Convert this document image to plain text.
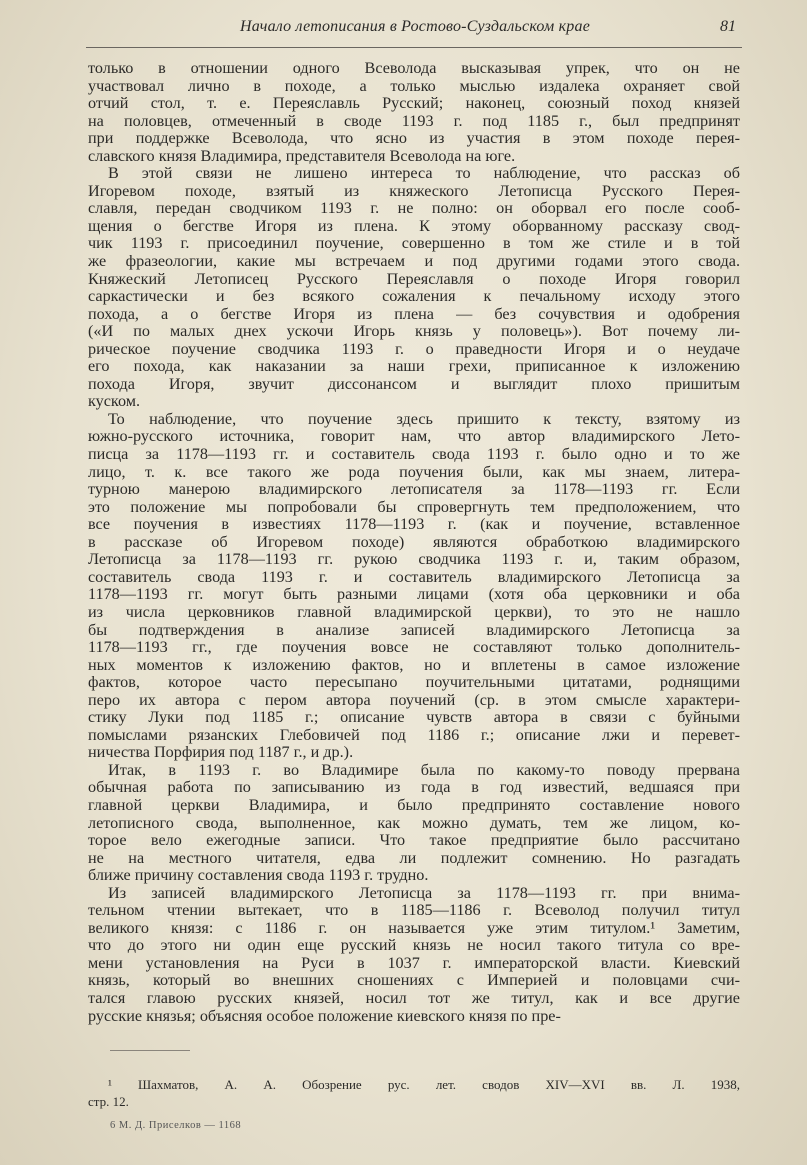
Начало летописания в Ростово-Суздальском крае	81
только в отношении одного Всеволода высказывая упрек, что он не
участвовал лично в походе, а только мыслью издалека охраняет свой
отчий стол, т. е. Переяславль Русский; наконец, союзный поход князей
на половцев, отмеченный в своде 1193 г. под 1185 г., был предпринят
при поддержке Всеволода, что ясно из участия в этом походе перея-
славского князя Владимира, представителя Всеволода на юге.
В этой связи не лишено интереса то наблюдение, что рассказ об
Игоревом походе, взятый из княжеского Летописца Русского Перея-
славля, передан сводчиком 1193 г. не полно: он оборвал его после сооб-
щения о бегстве Игоря из плена. К этому оборванному рассказу свод-
чик 1193 г. присоединил поучение, совершенно в том же стиле и в той
же фразеологии, какие мы встречаем и под другими годами этого свода.
Княжеский Летописец Русского Переяславля о походе Игоря говорил
саркастически и без всякого сожаления к печальному исходу этого
похода, а о бегстве Игоря из плена — без сочувствия и одобрения
(«И по малых днех ускочи Игорь князь у половець»). Вот почему ли-
рическое поучение сводчика 1193 г. о праведности Игоря и о неудаче
его похода, как наказании за наши грехи, приписанное к изложению
похода Игоря, звучит диссонансом и выглядит плохо пришитым
куском.
То наблюдение, что поучение здесь пришито к тексту, взятому из
южно-русского источника, говорит нам, что автор владимирского Лето-
писца за 1178—1193 гг. и составитель свода 1193 г. было одно и то же
лицо, т. к. все такого же рода поучения были, как мы знаем, литера-
турною манерою владимирского летописателя за 1178—1193 гг. Если
это положение мы попробовали бы спровергнуть тем предположением, что
все поучения в известиях 1178—1193 г. (как и поучение, вставленное
в рассказе об Игоревом походе) являются обработкою владимирского
Летописца за 1178—1193 гг. рукою сводчика 1193 г. и, таким образом,
составитель свода 1193 г. и составитель владимирского Летописца за
1178—1193 гг. могут быть разными лицами (хотя оба церковники и оба
из числа церковников главной владимирской церкви), то это не нашло
бы подтверждения в анализе записей владимирского Летописца за
1178—1193 гг., где поучения вовсе не составляют только дополнитель-
ных моментов к изложению фактов, но и вплетены в самое изложение
фактов, которое часто пересыпано поучительными цитатами, роднящими
перо их автора с пером автора поучений (ср. в этом смысле характери-
стику Луки под 1185 г.; описание чувств автора в связи с буйными
помыслами рязанских Глебовичей под 1186 г.; описание лжи и перевет-
ничества Порфирия под 1187 г., и др.).
Итак, в 1193 г. во Владимире была по какому-то поводу прервана
обычная работа по записыванию из года в год известий, ведшаяся при
главной церкви Владимира, и было предпринято составление нового
летописного свода, выполненное, как можно думать, тем же лицом, ко-
торое вело ежегодные записи. Что такое предприятие было рассчитано
не на местного читателя, едва ли подлежит сомнению. Но разгадать
ближе причину составления свода 1193 г. трудно.
Из записей владимирского Летописца за 1178—1193 гг. при внима-
тельном чтении вытекает, что в 1185—1186 г. Всеволод получил титул
великого князя: с 1186 г. он называется уже этим титулом.¹ Заметим,
что до этого ни один еще русский князь не носил такого титула со вре-
мени установления на Руси в 1037 г. императорской власти. Киевский
князь, который во внешних сношениях с Империей и половцами счи-
тался главою русских князей, носил тот же титул, как и все другие
русские князья; объясняя особое положение киевского князя по пре-
¹ Шахматов, А. А. Обозрение рус. лет. сводов XIV—XVI вв. Л. 1938,
стр. 12.
6 М. Д. Приселков — 1168
